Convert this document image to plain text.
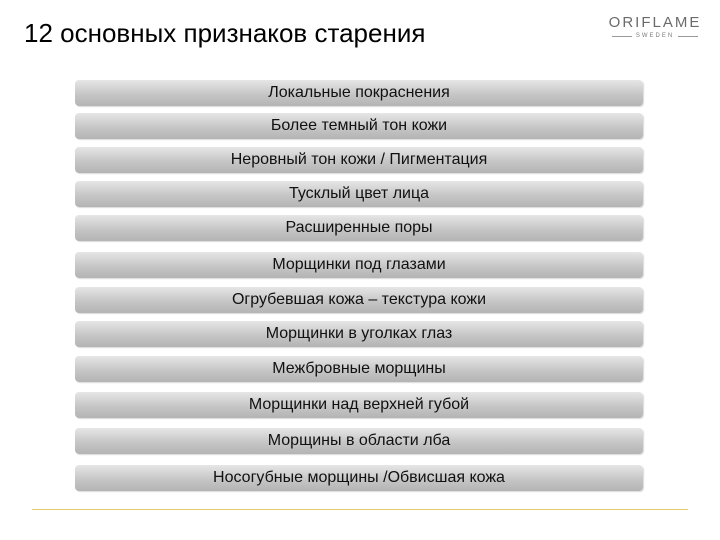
12 основных признаков старения	ORIFLAME
SWEDEN
Локальные покраснения
Более темный тон кожи
Неровный тон кожи / Пигментация
Тусклый цвет лица
Расширенные поры
Морщинки под глазами
Огрубевшая кожа – текстура кожи
Морщинки в уголках глаз
Межбровные морщины
Морщинки над верхней губой
Морщины в области лба
Носогубные морщины /Обвисшая кожа
